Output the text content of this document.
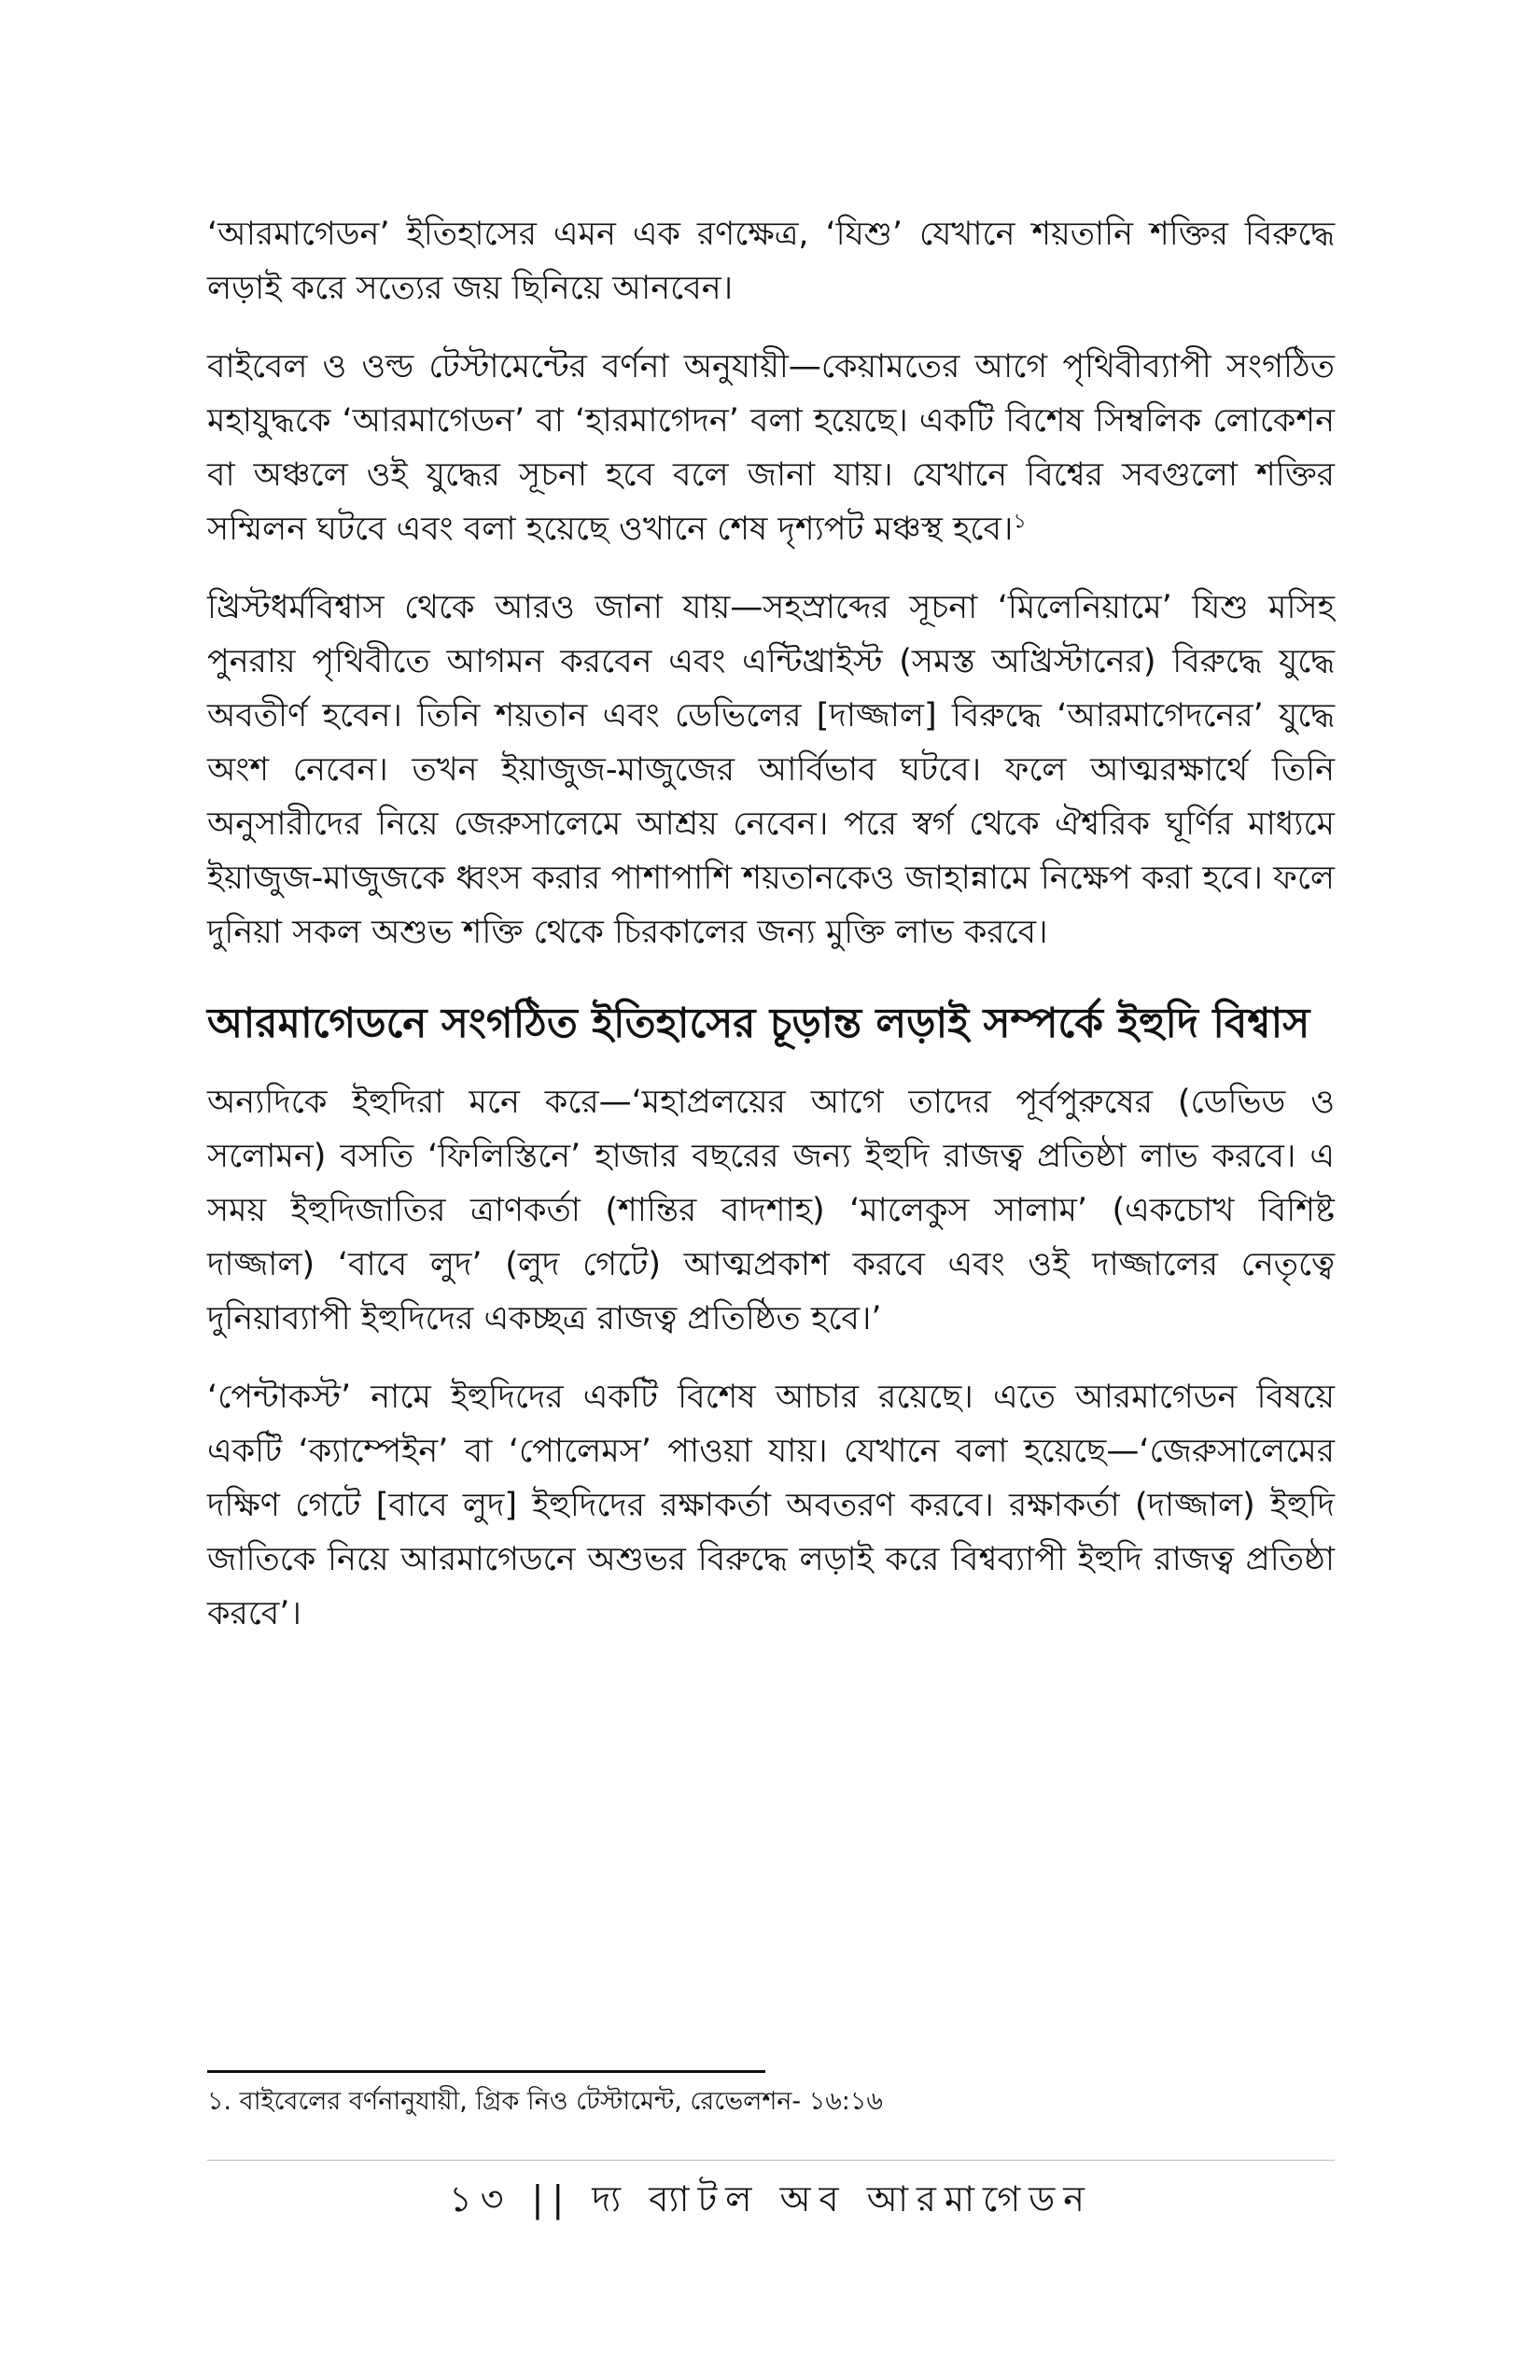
‘আরমাগেডন’ ইতিহাসের এমন এক রণক্ষেত্র, ‘যিশু’ যেখানে শয়তানি শক্তির বিরুদ্ধে লড়াই করে সত্যের জয় ছিনিয়ে আনবেন।

বাইবেল ও ওল্ড টেস্টামেন্টের বর্ণনা অনুযায়ী—কেয়ামতের আগে পৃথিবীব্যাপী সংগঠিত মহাযুদ্ধকে ‘আরমাগেডন’ বা ‘হারমাগেদন’ বলা হয়েছে। একটি বিশেষ সিম্বলিক লোকেশন বা অঞ্চলে ওই যুদ্ধের সূচনা হবে বলে জানা যায়। যেখানে বিশ্বের সবগুলো শক্তির সম্মিলন ঘটবে এবং বলা হয়েছে ওখানে শেষ দৃশ্যপট মঞ্চস্থ হবে।$^১$

খ্রিস্টধর্মবিশ্বাস থেকে আরও জানা যায়—সহস্রাব্দের সূচনা ‘মিলেনিয়ামে’ যিশু মসিহ পুনরায় পৃথিবীতে আগমন করবেন এবং এন্টিখ্রাইস্ট (সমস্ত অখ্রিস্টানের) বিরুদ্ধে যুদ্ধে অবতীর্ণ হবেন। তিনি শয়তান এবং ডেভিলের [দাজ্জাল] বিরুদ্ধে ‘আরমাগেদনের’ যুদ্ধে অংশ নেবেন। তখন ইয়াজুজ-মাজুজের আর্বিভাব ঘটবে। ফলে আত্মরক্ষার্থে তিনি অনুসারীদের নিয়ে জেরুসালেমে আশ্রয় নেবেন। পরে স্বর্গ থেকে ঐশ্বরিক ঘূর্ণির মাধ্যমে ইয়াজুজ-মাজুজকে ধ্বংস করার পাশাপাশি শয়তানকেও জাহান্নামে নিক্ষেপ করা হবে। ফলে দুনিয়া সকল অশুভ শক্তি থেকে চিরকালের জন্য মুক্তি লাভ করবে।

আরমাগেডনে সংগঠিত ইতিহাসের চূড়ান্ত লড়াই সম্পর্কে ইহুদি বিশ্বাস

অন্যদিকে ইহুদিরা মনে করে—‘মহাপ্রলয়ের আগে তাদের পূর্বপুরুষের (ডেভিড ও সলোমন) বসতি ‘ফিলিস্তিনে’ হাজার বছরের জন্য ইহুদি রাজত্ব প্রতিষ্ঠা লাভ করবে। এ সময় ইহুদিজাতির ত্রাণকর্তা (শান্তির বাদশাহ) ‘মালেকুস সালাম’ (একচোখ বিশিষ্ট দাজ্জাল) ‘বাবে লুদ’ (লুদ গেটে) আত্মপ্রকাশ করবে এবং ওই দাজ্জালের নেতৃত্বে দুনিয়াব্যাপী ইহুদিদের একচ্ছত্র রাজত্ব প্রতিষ্ঠিত হবে।’

‘পেন্টাকস্ট’ নামে ইহুদিদের একটি বিশেষ আচার রয়েছে। এতে আরমাগেডন বিষয়ে একটি ‘ক্যাম্পেইন’ বা ‘পোলেমস’ পাওয়া যায়। যেখানে বলা হয়েছে—‘জেরুসালেমের দক্ষিণ গেটে [বাবে লুদ] ইহুদিদের রক্ষাকর্তা অবতরণ করবে। রক্ষাকর্তা (দাজ্জাল) ইহুদি জাতিকে নিয়ে আরমাগেডনে অশুভর বিরুদ্ধে লড়াই করে বিশ্বব্যাপী ইহুদি রাজত্ব প্রতিষ্ঠা করবে’।

১. বাইবেলের বর্ণনানুযায়ী, গ্রিক নিও টেস্টামেন্ট, রেভেলশন- ১৬:১৬
১৩ || দ্য ব্যাটল অব আরমাগেডন
